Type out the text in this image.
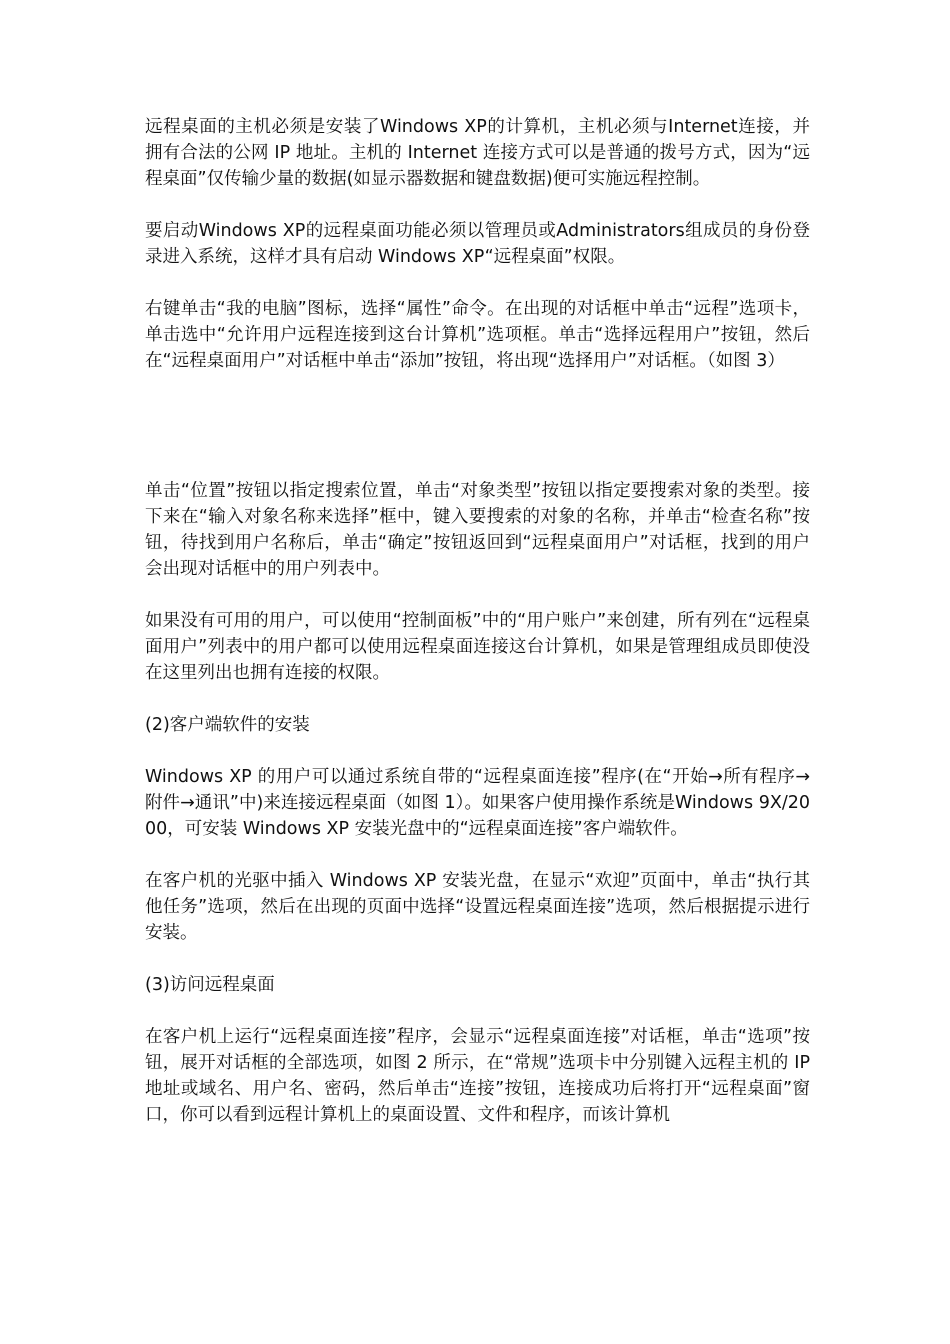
远程桌面的主机必须是安装了Windows XP的计算机，主机必须与Internet连接，并拥有合法的公网 IP 地址。主机的 Internet 连接方式可以是普通的拨号方式，因为“远程桌面”仅传输少量的数据(如显示器数据和键盘数据)便可实施远程控制。

要启动Windows XP的远程桌面功能必须以管理员或Administrators组成员的身份登录进入系统，这样才具有启动 Windows XP“远程桌面”权限。

右键单击“我的电脑”图标，选择“属性”命令。在出现的对话框中单击“远程”选项卡，单击选中“允许用户远程连接到这台计算机”选项框。单击“选择远程用户”按钮，然后在“远程桌面用户”对话框中单击“添加”按钮，将出现“选择用户”对话框。（如图 3）

单击“位置”按钮以指定搜索位置，单击“对象类型”按钮以指定要搜索对象的类型。接下来在“输入对象名称来选择”框中，键入要搜索的对象的名称，并单击“检查名称”按钮，待找到用户名称后，单击“确定”按钮返回到“远程桌面用户”对话框，找到的用户会出现对话框中的用户列表中。

如果没有可用的用户，可以使用“控制面板”中的“用户账户”来创建，所有列在“远程桌面用户”列表中的用户都可以使用远程桌面连接这台计算机，如果是管理组成员即使没在这里列出也拥有连接的权限。

(2)客户端软件的安装

Windows XP 的用户可以通过系统自带的“远程桌面连接”程序(在“开始→所有程序→附件→通讯”中)来连接远程桌面（如图 1）。如果客户使用操作系统是Windows 9X/2000，可安装 Windows XP 安装光盘中的“远程桌面连接”客户端软件。

在客户机的光驱中插入 Windows XP 安装光盘，在显示“欢迎”页面中，单击“执行其他任务”选项，然后在出现的页面中选择“设置远程桌面连接”选项，然后根据提示进行安装。

(3)访问远程桌面

在客户机上运行“远程桌面连接”程序，会显示“远程桌面连接”对话框，单击“选项”按钮，展开对话框的全部选项，如图 2 所示，在“常规”选项卡中分别键入远程主机的 IP 地址或域名、用户名、密码，然后单击“连接”按钮，连接成功后将打开“远程桌面”窗口，你可以看到远程计算机上的桌面设置、文件和程序，而该计算机
